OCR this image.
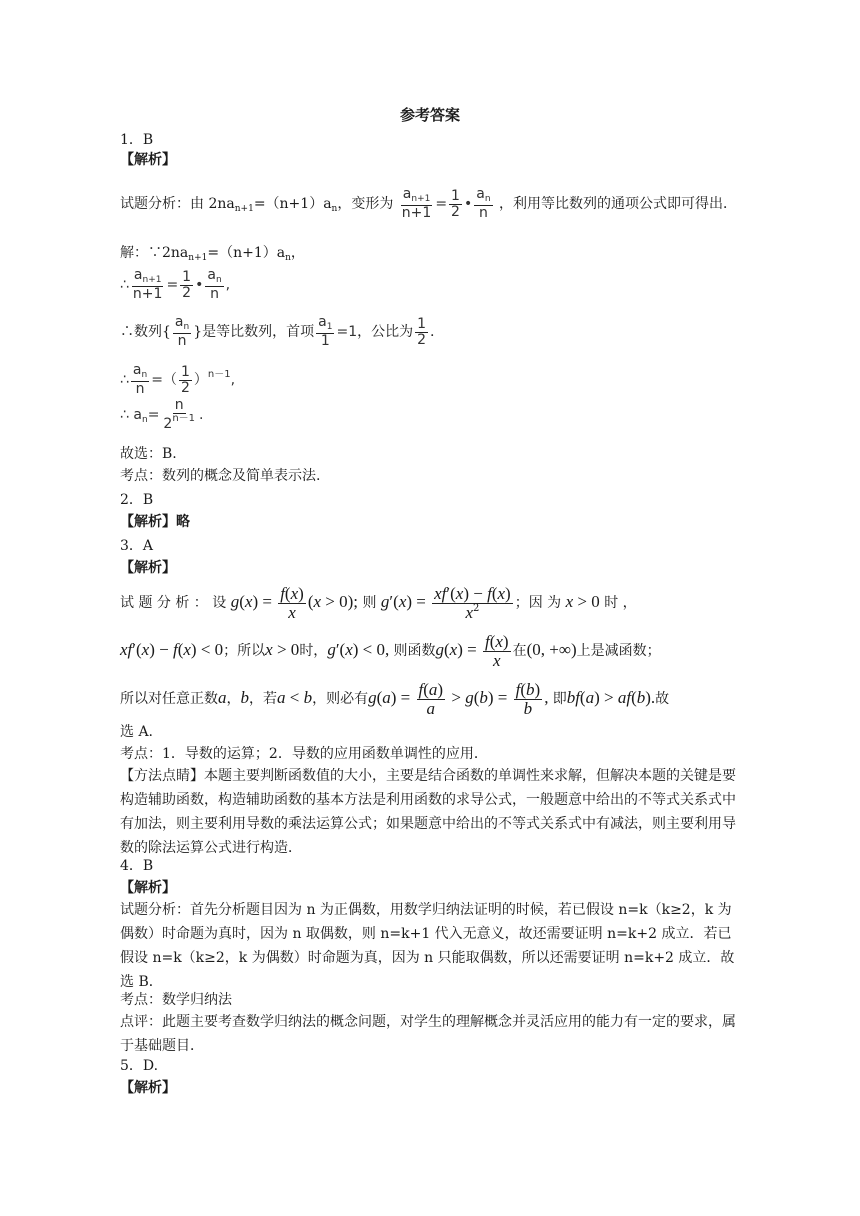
参考答案
1．B
【解析】
试题分析：由 $2na_{n+1}=(n+1)a_n$，变形为 $\frac{a_{n+1}}{n+1} = \frac{1}{2}$ • $\frac{a_n}{n}$ ，利用等比数列的通项公式即可得出．
解：$\because 2na_{n+1}=(n+1)a_n$，
∴ $\frac{a_{n+1}}{n+1} = \frac{1}{2}$ • $\frac{a_n}{n}$ ,
∴数列{ $\frac{a_n}{n}$ }是等比数列，首项 $\frac{a_1}{1} =1$，公比为 $\frac{1}{2}$ .
∴ $\frac{a_n}{n}$ =（ $\frac{1}{2} )^{n-1}$,
∴ $a_n= \frac{n}{2^{n-1}}$ .
故选：B.
考点：数列的概念及简单表示法.
2．B
【解析】略
3．A
【解析】
试 题 分 析 ： 设 $g(x) = \frac{f(x)}{x} (x > 0)$; 则 $g'(x) = \frac{xf'(x) - f(x)}{x^2}$ ；因 为 x > 0 时 ，
xf′(x) − f(x) < 0；所以x > 0时，g′(x) < 0, 则函数$g(x) = \frac{f(x)}{x}$ 在(0, +∞)上是减函数；
所以对任意正数a，b，若a < b，则必有$g(a) = \frac{f(a)}{a} > g(b) = \frac{f(b)}{b}$ , 即bf(a) > af(b).故
选 A.
考点：1．导数的运算；2．导数的应用函数单调性的应用．
【方法点睛】本题主要判断函数值的大小，主要是结合函数的单调性来求解，但解决本题的关键是要构造辅助函数，构造辅助函数的基本方法是利用函数的求导公式，一般题意中给出的不等式关系式中有加法，则主要利用导数的乘法运算公式；如果题意中给出的不等式关系式中有减法，则主要利用导数的除法运算公式进行构造．
4．B
【解析】
试题分析：首先分析题目因为 n 为正偶数，用数学归纳法证明的时候，若已假设 n=k（k≥2，k 为偶数）时命题为真时，因为 n 取偶数，则 n=k+1 代入无意义，故还需要证明 n=k+2 成立．若已假设 n=k（k≥2，k 为偶数）时命题为真，因为 n 只能取偶数，所以还需要证明 n=k+2 成立．故选 B．
考点：数学归纳法
点评：此题主要考查数学归纳法的概念问题，对学生的理解概念并灵活应用的能力有一定的要求，属于基础题目．
5．D.
【解析】
